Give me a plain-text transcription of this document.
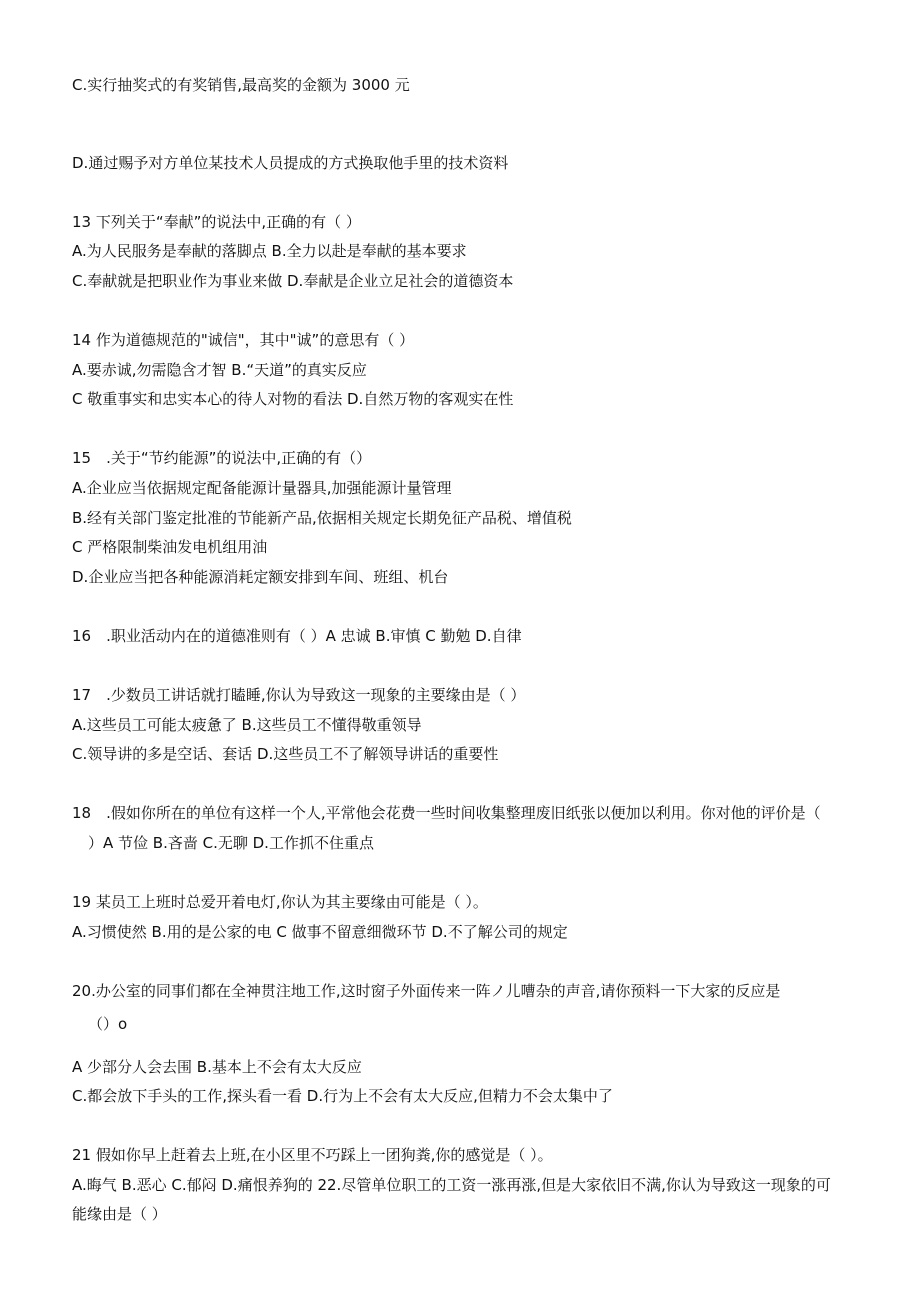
C.实行抽奖式的有奖销售,最高奖的金额为 3000 元
D.通过赐予对方单位某技术人员提成的方式换取他手里的技术资料
13 下列关于“奉献”的说法中,正确的有（ ）
A.为人民服务是奉献的落脚点 B.全力以赴是奉献的基本要求
C.奉献就是把职业作为事业来做 D.奉献是企业立足社会的道德资本
14 作为道德规范的"诚信"，其中"诚”的意思有（ ）
A.要赤诚,勿需隐含才智 B.“天道”的真实反应
C 敬重事实和忠实本心的待人对物的看法 D.自然万物的客观实在性
15　.关于“节约能源”的说法中,正确的有（）
A.企业应当依据规定配备能源计量器具,加强能源计量管理
B.经有关部门鉴定批准的节能新产品,依据相关规定长期免征产品税、增值税
C 严格限制柴油发电机组用油
D.企业应当把各种能源消耗定额安排到车间、班组、机台
16　.职业活动内在的道德准则有（ ）A 忠诚 B.审慎 C 勤勉 D.自律
17　.少数员工讲话就打瞌睡,你认为导致这一现象的主要缘由是（ ）
A.这些员工可能太疲惫了 B.这些员工不懂得敬重领导
C.领导讲的多是空话、套话 D.这些员工不了解领导讲话的重要性
18　.假如你所在的单位有这样一个人,平常他会花费一些时间收集整理废旧纸张以便加以利用。你对他的评价是（
）A 节俭 B.吝啬 C.无聊 D.工作抓不住重点
19 某员工上班时总爱开着电灯,你认为其主要缘由可能是（ ）。
A.习惯使然 B.用的是公家的电 C 做事不留意细微环节 D.不了解公司的规定
20.办公室的同事们都在全神贯注地工作,这时窗子外面传来一阵ノ儿嘈杂的声音,请你预料一下大家的反应是
（）o
A 少部分人会去围 B.基本上不会有太大反应
C.都会放下手头的工作,探头看一看 D.行为上不会有太大反应,但精力不会太集中了
21 假如你早上赶着去上班,在小区里不巧踩上一团狗粪,你的感觉是（ ）。
A.晦气 B.恶心 C.郁闷 D.痛恨养狗的 22.尽管单位职工的工资一涨再涨,但是大家依旧不满,你认为导致这一现象的可
能缘由是（ ）
